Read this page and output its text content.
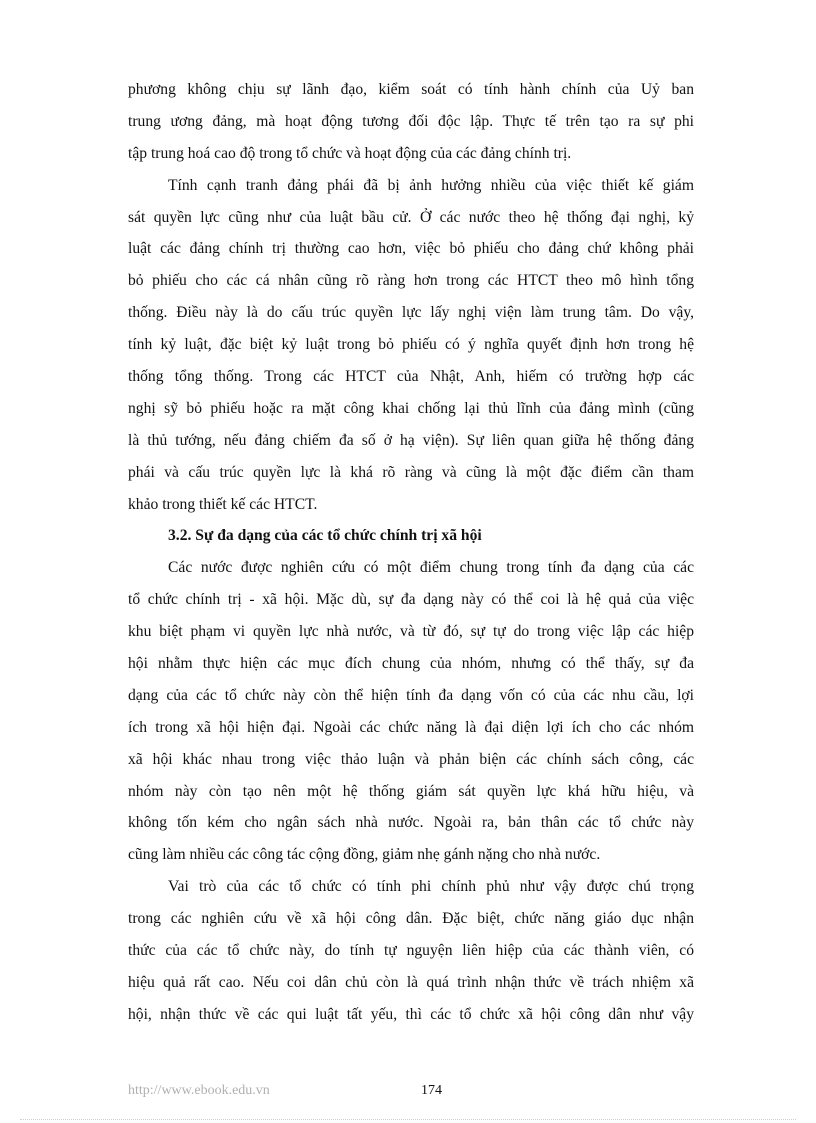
phương không chịu sự lãnh đạo, kiểm soát có tính hành chính của Uỷ ban
trung ương đảng, mà hoạt động tương đối độc lập. Thực tế trên tạo ra sự phi
tập trung hoá cao độ trong tổ chức và hoạt động của các đảng chính trị.
Tính cạnh tranh đảng phái đã bị ảnh hưởng nhiều của việc thiết kế giám
sát quyền lực cũng như của luật bầu cử. Ở các nước theo hệ thống đại nghị, kỷ
luật các đảng chính trị thường cao hơn, việc bỏ phiếu cho đảng chứ không phải
bỏ phiếu cho các cá nhân cũng rõ ràng hơn trong các HTCT theo mô hình tổng
thống. Điều này là do cấu trúc quyền lực lấy nghị viện làm trung tâm. Do vậy,
tính kỷ luật, đặc biệt kỷ luật trong bỏ phiếu có ý nghĩa quyết định hơn trong hệ
thống tổng thống. Trong các HTCT của Nhật, Anh, hiếm có trường hợp các
nghị sỹ bỏ phiếu hoặc ra mặt công khai chống lại thủ lĩnh của đảng mình (cũng
là thủ tướng, nếu đảng chiếm đa số ở hạ viện). Sự liên quan giữa hệ thống đảng
phái và cấu trúc quyền lực là khá rõ ràng và cũng là một đặc điểm cần tham
khảo trong thiết kế các HTCT.
3.2. Sự đa dạng của các tổ chức chính trị xã hội
Các nước được nghiên cứu có một điểm chung trong tính đa dạng của các
tổ chức chính trị - xã hội. Mặc dù, sự đa dạng này có thể coi là hệ quả của việc
khu biệt phạm vi quyền lực nhà nước, và từ đó, sự tự do trong việc lập các hiệp
hội nhằm thực hiện các mục đích chung của nhóm, nhưng có thể thấy, sự đa
dạng của các tổ chức này còn thể hiện tính đa dạng vốn có của các nhu cầu, lợi
ích trong xã hội hiện đại. Ngoài các chức năng là đại diện lợi ích cho các nhóm
xã hội khác nhau trong việc thảo luận và phản biện các chính sách công, các
nhóm này còn tạo nên một hệ thống giám sát quyền lực khá hữu hiệu, và
không tốn kém cho ngân sách nhà nước. Ngoài ra, bản thân các tổ chức này
cũng làm nhiều các công tác cộng đồng, giảm nhẹ gánh nặng cho nhà nước.
Vai trò của các tổ chức có tính phi chính phủ như vậy được chú trọng
trong các nghiên cứu về xã hội công dân. Đặc biệt, chức năng giáo dục nhận
thức của các tổ chức này, do tính tự nguyện liên hiệp của các thành viên, có
hiệu quả rất cao. Nếu coi dân chủ còn là quá trình nhận thức về trách nhiệm xã
hội, nhận thức về các qui luật tất yếu, thì các tổ chức xã hội công dân như vậy
http://www.ebook.edu.vn	174
